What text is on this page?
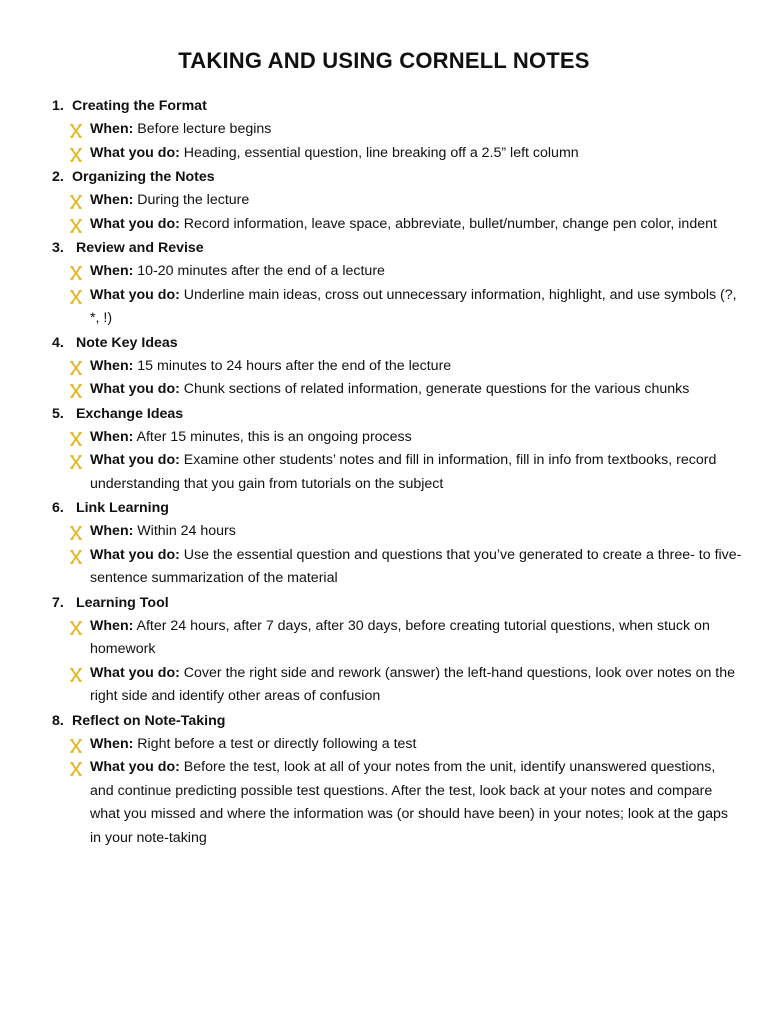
TAKING AND USING CORNELL NOTES
1. Creating the Format
When: Before lecture begins
What you do: Heading, essential question, line breaking off a 2.5” left column
2. Organizing the Notes
When: During the lecture
What you do: Record information, leave space, abbreviate, bullet/number, change pen color, indent
3. Review and Revise
When: 10-20 minutes after the end of a lecture
What you do: Underline main ideas, cross out unnecessary information, highlight, and use symbols (?, *, !)
4. Note Key Ideas
When: 15 minutes to 24 hours after the end of the lecture
What you do: Chunk sections of related information, generate questions for the various chunks
5. Exchange Ideas
When: After 15 minutes, this is an ongoing process
What you do: Examine other students’ notes and fill in information, fill in info from textbooks, record understanding that you gain from tutorials on the subject
6. Link Learning
When: Within 24 hours
What you do: Use the essential question and questions that you’ve generated to create a three- to five-sentence summarization of the material
7. Learning Tool
When: After 24 hours, after 7 days, after 30 days, before creating tutorial questions, when stuck on homework
What you do: Cover the right side and rework (answer) the left-hand questions, look over notes on the right side and identify other areas of confusion
8. Reflect on Note-Taking
When: Right before a test or directly following a test
What you do: Before the test, look at all of your notes from the unit, identify unanswered questions, and continue predicting possible test questions. After the test, look back at your notes and compare what you missed and where the information was (or should have been) in your notes; look at the gaps in your note-taking
